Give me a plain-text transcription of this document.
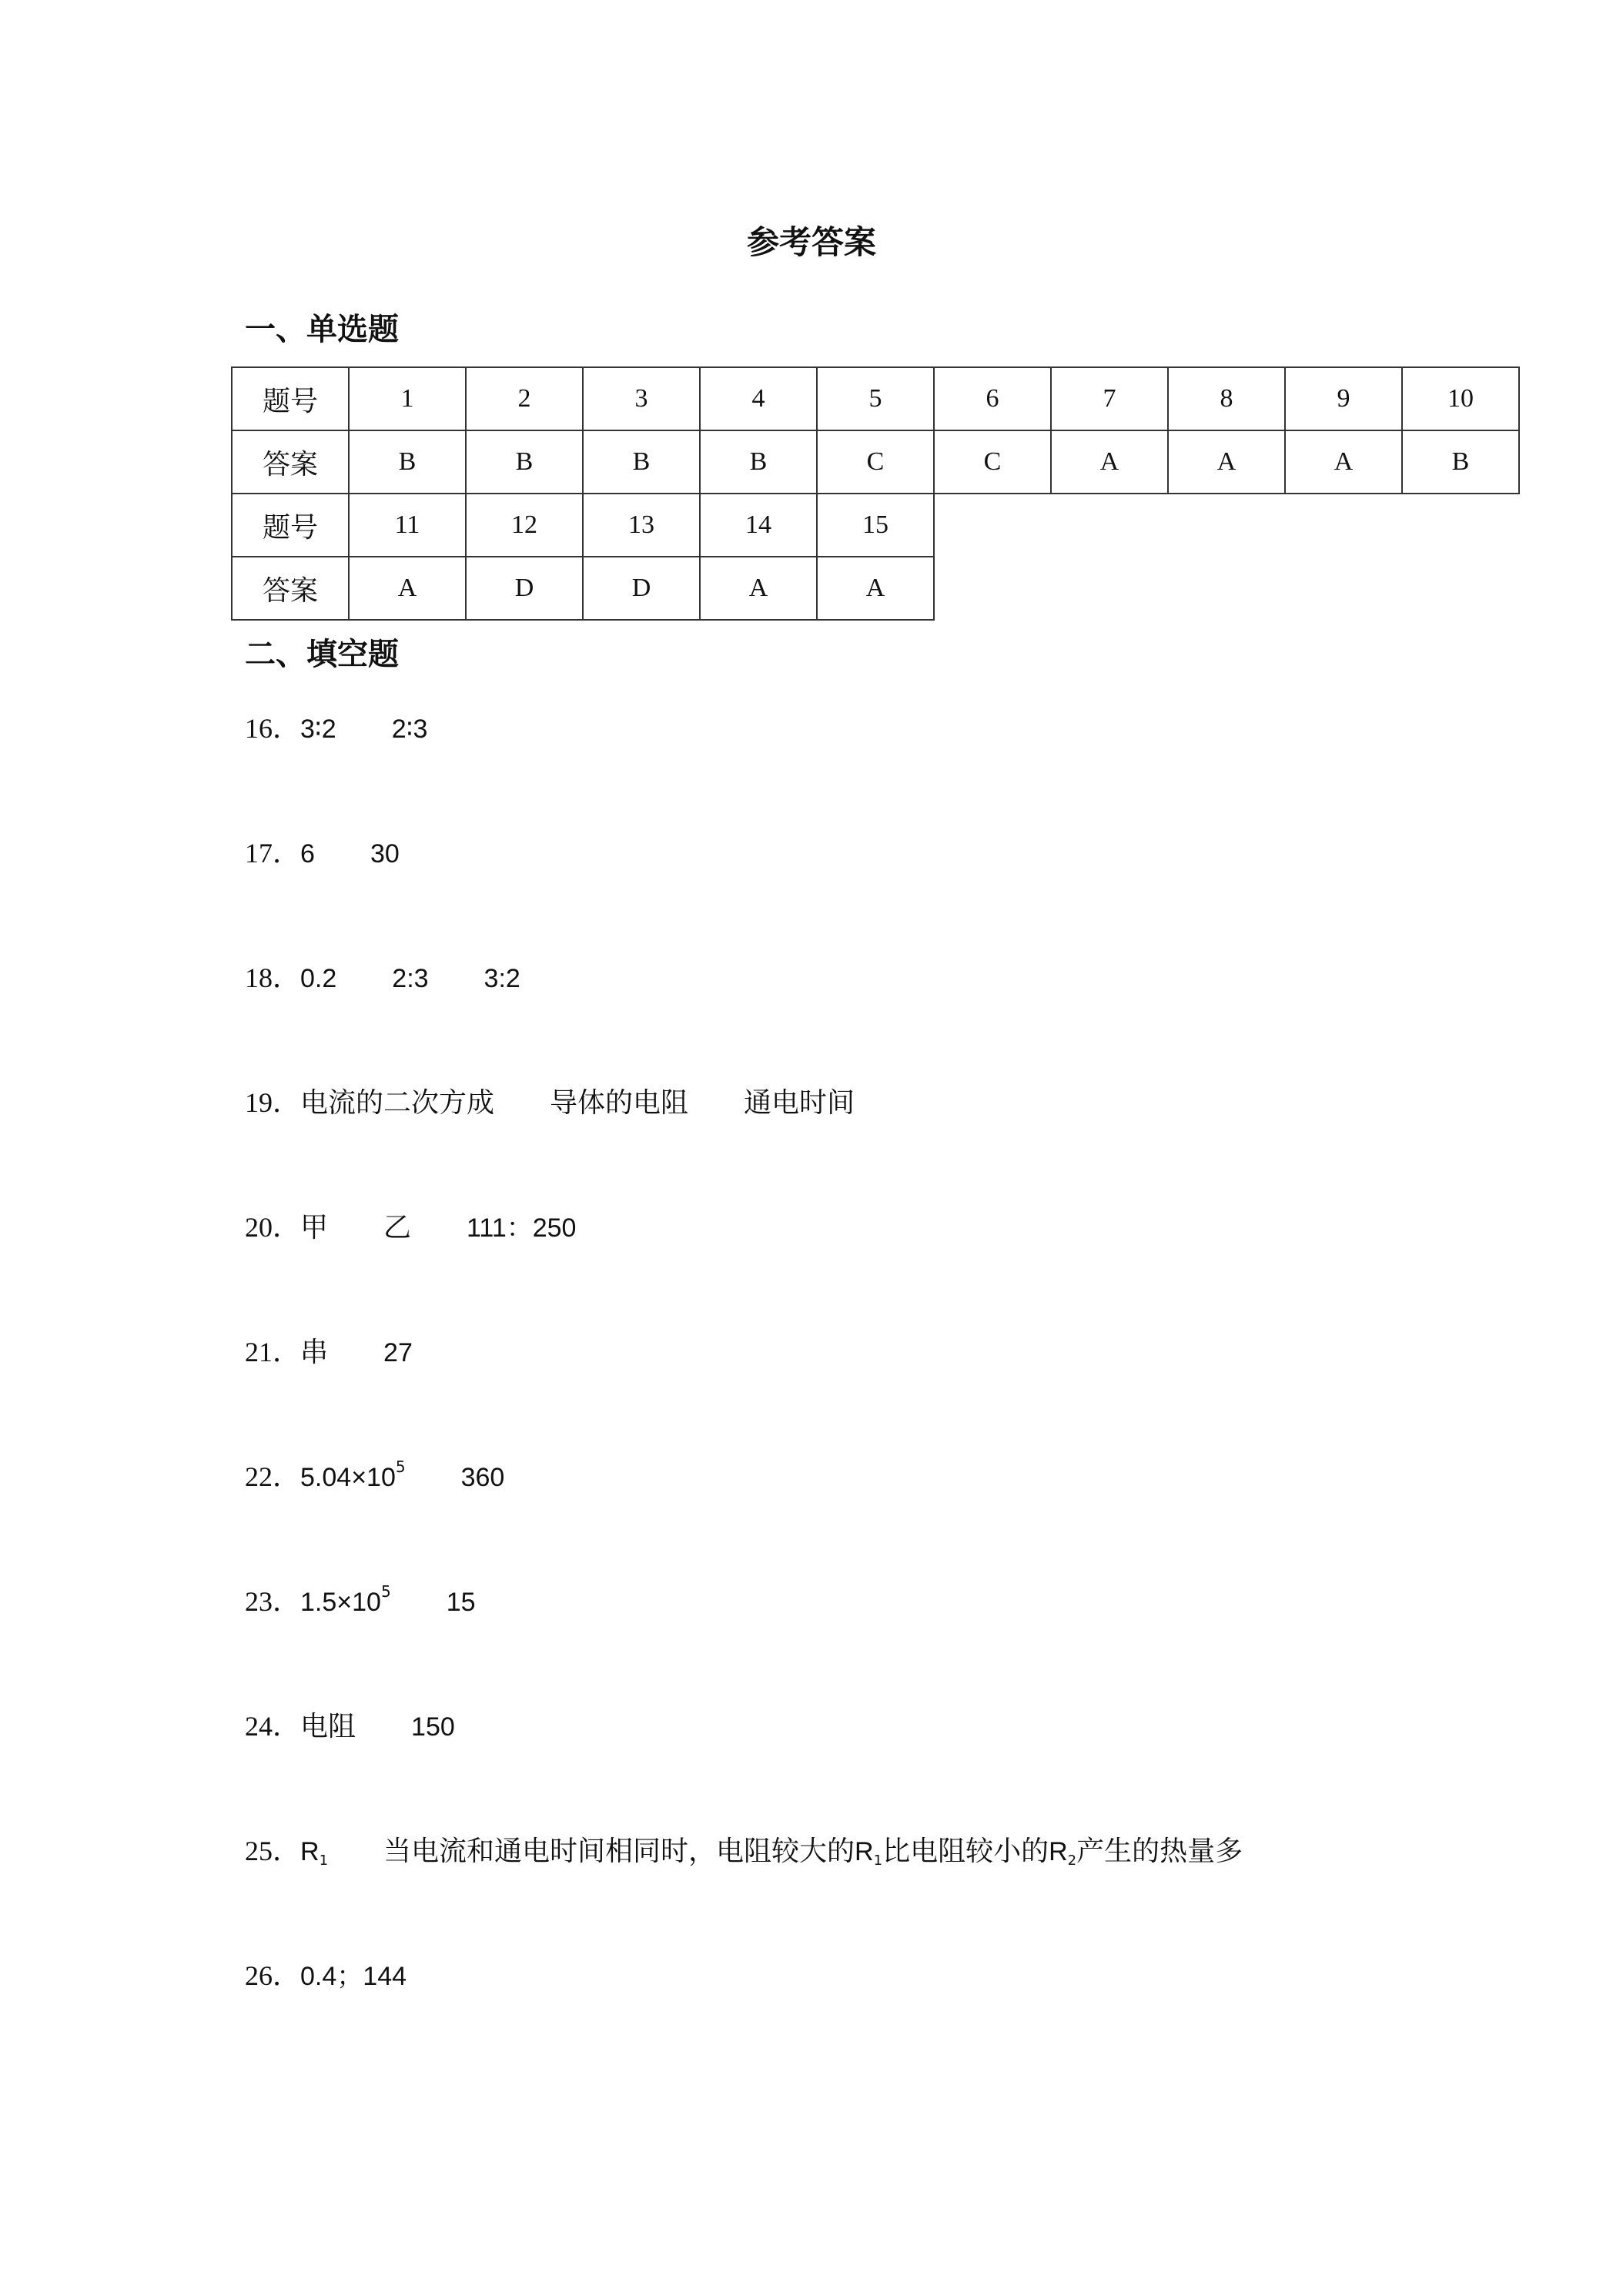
参考答案
一、单选题
题号	1	2	3	4	5	6	7	8	9	10
答案	B	B	B	B	C	C	A	A	A	B
题号	11	12	13	14	15					
答案	A	D	D	A	A					
二、填空题
16．3∶2 2∶3
17．6 30
18．0.2 2:3 3:2
19．电流的二次方成 导体的电阻 通电时间
20．甲 乙 111：250
21．串 27
22．$5.04\times 10^5$ 360
23．$1.5\times 10^5$ 15
24．电阻 150
25．$R_1$ 当电流和通电时间相同时，电阻较大的$R_1$比电阻较小的$R_2$产生的热量多
26．0.4；144
